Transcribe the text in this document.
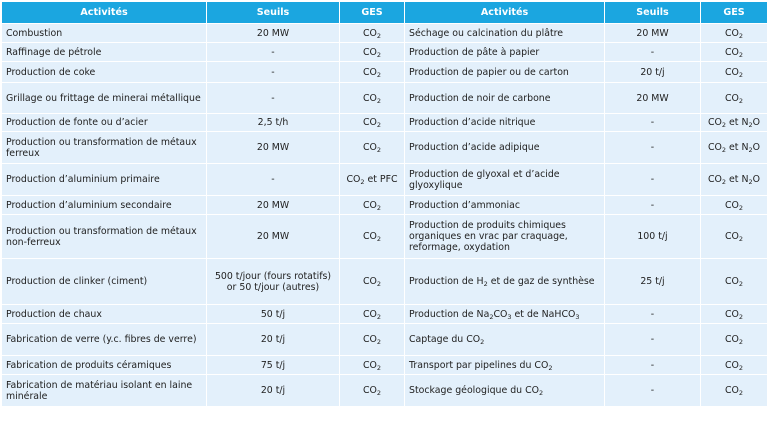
Activités	Seuils	GES	Activités	Seuils	GES
Combustion	20 MW	$CO_2$	Séchage ou calcination du plâtre	20 MW	$CO_2$
Raffinage de pétrole	-	$CO_2$	Production de pâte à papier	-	$CO_2$
Production de coke	-	$CO_2$	Production de papier ou de carton	20 t/j	$CO_2$
Grillage ou frittage de minerai métallique	-	$CO_2$	Production de noir de carbone	20 MW	$CO_2$
Production de fonte ou d’acier	2,5 t/h	$CO_2$	Production d’acide nitrique	-	$CO_2$ et $N_2O$
Production ou transformation de métaux ferreux	20 MW	$CO_2$	Production d’acide adipique	-	$CO_2$ et $N_2O$
Production d’aluminium primaire	-	$CO_2$ et PFC	Production de glyoxal et d’acide glyoxylique	-	$CO_2$ et $N_2O$
Production d’aluminium secondaire	20 MW	$CO_2$	Production d’ammoniac	-	$CO_2$
Production ou transformation de métaux non-ferreux	20 MW	$CO_2$	Production de produits chimiques organiques en vrac par craquage, reformage, oxydation	100 t/j	$CO_2$
Production de clinker (ciment)	500 t/jour (fours rotatifs) or 50 t/jour (autres)	$CO_2$	Production de $H_2$ et de gaz de synthèse	25 t/j	$CO_2$
Production de chaux	50 t/j	$CO_2$	Production de $Na_2CO_3$ et de NaHCO$_3$	-	$CO_2$
Fabrication de verre (y.c. fibres de verre)	20 t/j	$CO_2$	Captage du $CO_2$	-	$CO_2$
Fabrication de produits céramiques	75 t/j	$CO_2$	Transport par pipelines du $CO_2$	-	$CO_2$
Fabrication de matériau isolant en laine minérale	20 t/j	$CO_2$	Stockage géologique du $CO_2$	-	$CO_2$
